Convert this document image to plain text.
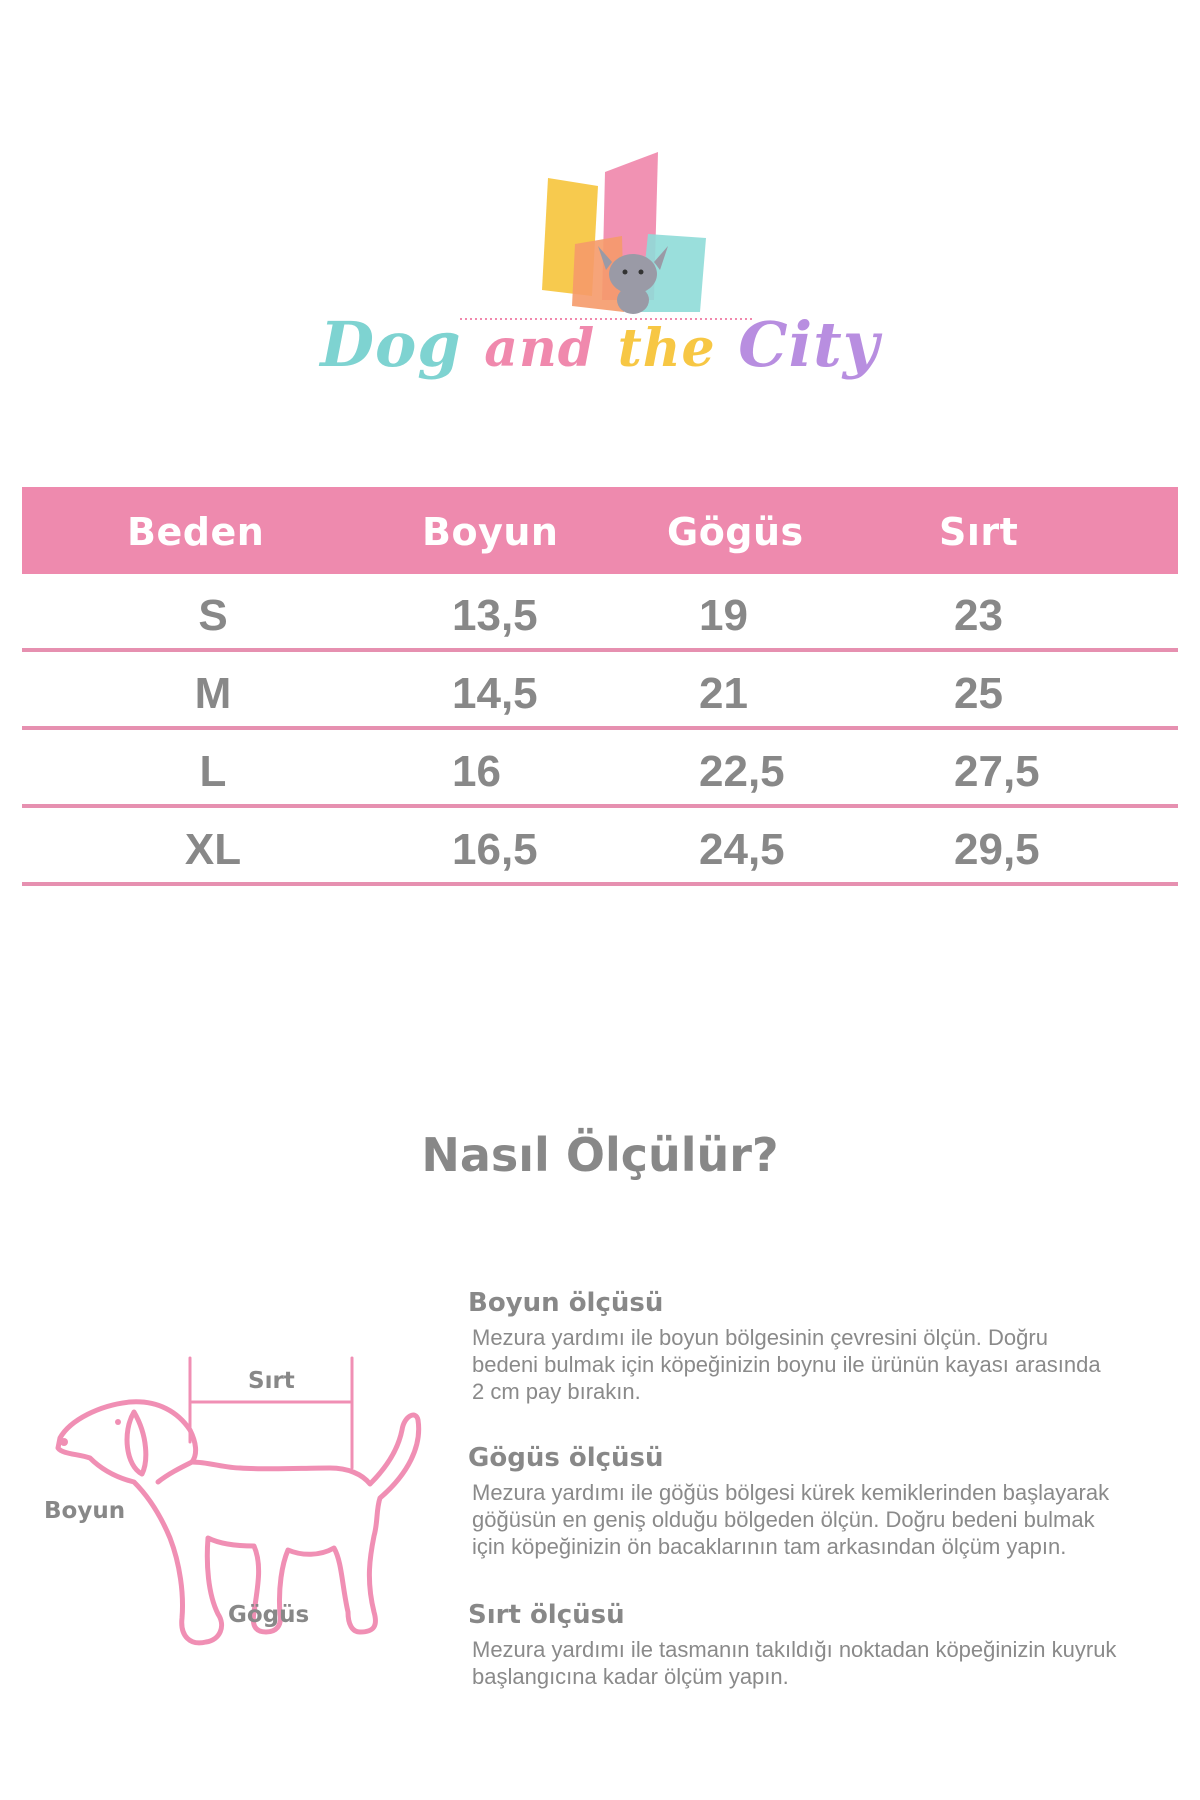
Dog and the City
Beden	Boyun	Gögüs	Sırt
S	13,5	19	23
M	14,5	21	25
L	16	22,5	27,5
XL	16,5	24,5	29,5
Nasıl Ölçülür?
Sırt
Boyun
Gögüs
Boyun ölçüsü

Mezura yardımı ile boyun bölgesinin çevresini ölçün. Doğru
bedeni bulmak için köpeğinizin boynu ile ürünün kayası arasında
2 cm pay bırakın.

Gögüs ölçüsü

Mezura yardımı ile göğüs bölgesi kürek kemiklerinden başlayarak
göğüsün en geniş olduğu bölgeden ölçün. Doğru bedeni bulmak
için köpeğinizin ön bacaklarının tam arkasından ölçüm yapın.

Sırt ölçüsü

Mezura yardımı ile tasmanın takıldığı noktadan köpeğinizin kuyruk
başlangıcına kadar ölçüm yapın.
